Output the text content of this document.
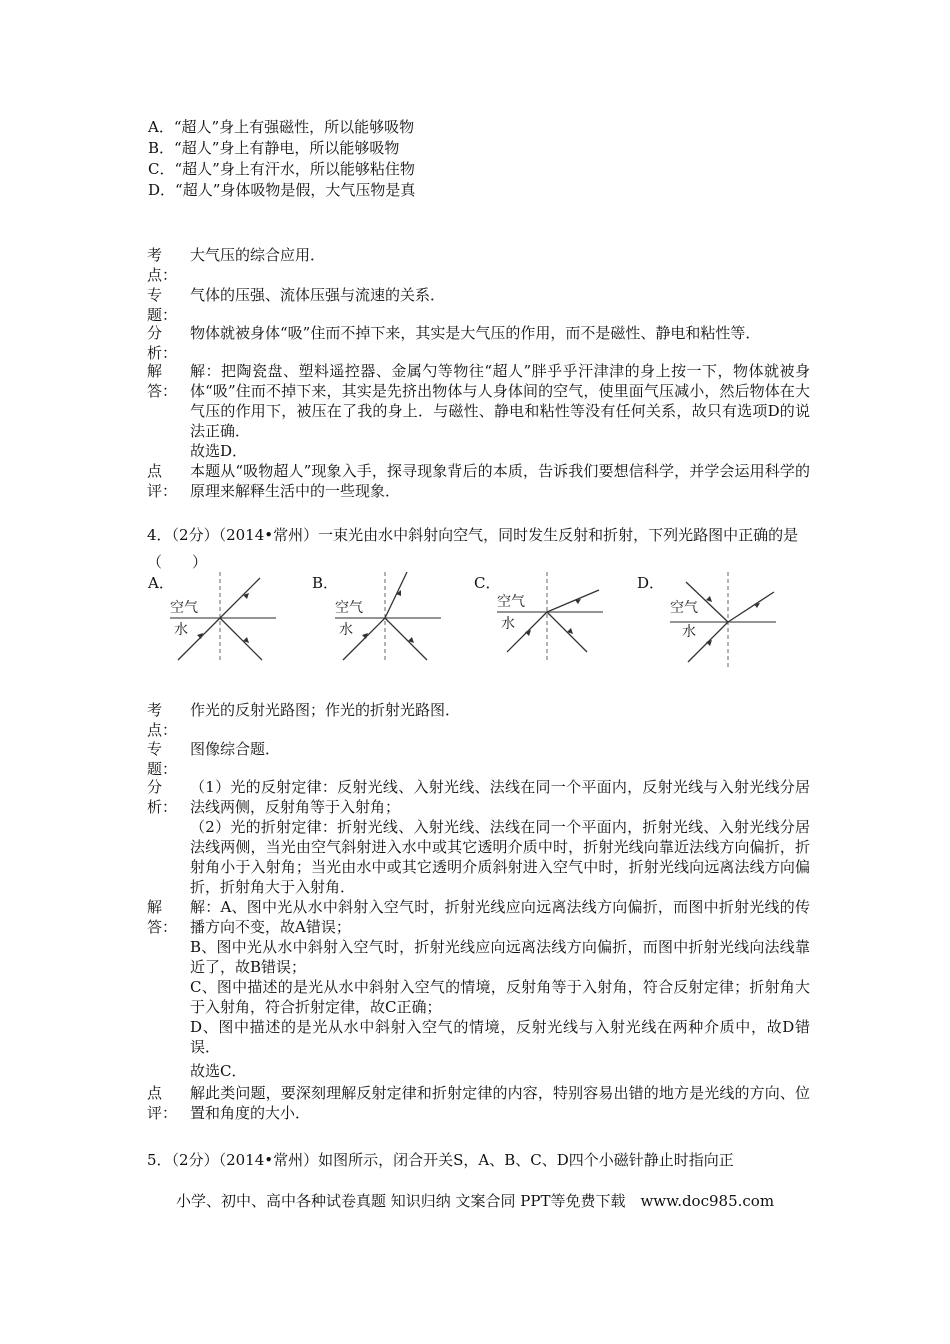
A．“超人”身上有强磁性，所以能够吸物
B．“超人”身上有静电，所以能够吸物
C．“超人”身上有汗水，所以能够粘住物
D．“超人”身体吸物是假，大气压物是真
考点：
大气压的综合应用．
专题：
气体的压强、流体压强与流速的关系．
分析：
物体就被身体“吸”住而不掉下来，其实是大气压的作用，而不是磁性、静电和粘性等．
解答：
解：把陶瓷盘、塑料遥控器、金属勺等物往“超人”胖乎乎汗津津的身上按一下，物体就被身体“吸”住而不掉下来，其实是先挤出物体与人身体间的空气，使里面气压减小，然后物体在大气压的作用下，被压在了我的身上．与磁性、静电和粘性等没有任何关系，故只有选项D的说法正确．
故选D．
点评：
本题从“吸物超人”现象入手，探寻现象背后的本质，告诉我们要想信科学，并学会运用科学的原理来解释生活中的一些现象．
4．（2分）（2014•常州）一束光由水中斜射向空气，同时发生反射和折射，下列光路图中正确的是（　　）
A．	B．	C．	D．
空气
水
空气
水
空气
水
空气
水
考点：
作光的反射光路图；作光的折射光路图．
专题：
图像综合题．
分析：
（1）光的反射定律：反射光线、入射光线、法线在同一个平面内，反射光线与入射光线分居法线两侧，反射角等于入射角；
（2）光的折射定律：折射光线、入射光线、法线在同一个平面内，折射光线、入射光线分居法线两侧，当光由空气斜射进入水中或其它透明介质中时，折射光线向靠近法线方向偏折，折射角小于入射角；当光由水中或其它透明介质斜射进入空气中时，折射光线向远离法线方向偏折，折射角大于入射角．
解答：
解：A、图中光从水中斜射入空气时，折射光线应向远离法线方向偏折，而图中折射光线的传播方向不变，故A错误；
B、图中光从水中斜射入空气时，折射光线应向远离法线方向偏折，而图中折射光线向法线靠近了，故B错误；
C、图中描述的是光从水中斜射入空气的情境，反射角等于入射角，符合反射定律；折射角大于入射角，符合折射定律，故C正确；
D、图中描述的是光从水中斜射入空气的情境，反射光线与入射光线在两种介质中，故D错误．
故选C．
点评：
解此类问题，要深刻理解反射定律和折射定律的内容，特别容易出错的地方是光线的方向、位置和角度的大小．
5．（2分）（2014•常州）如图所示，闭合开关S，A、B、C、D四个小磁针静止时指向正
小学、初中、高中各种试卷真题 知识归纳 文案合同 PPT等免费下载　www.doc985.com
